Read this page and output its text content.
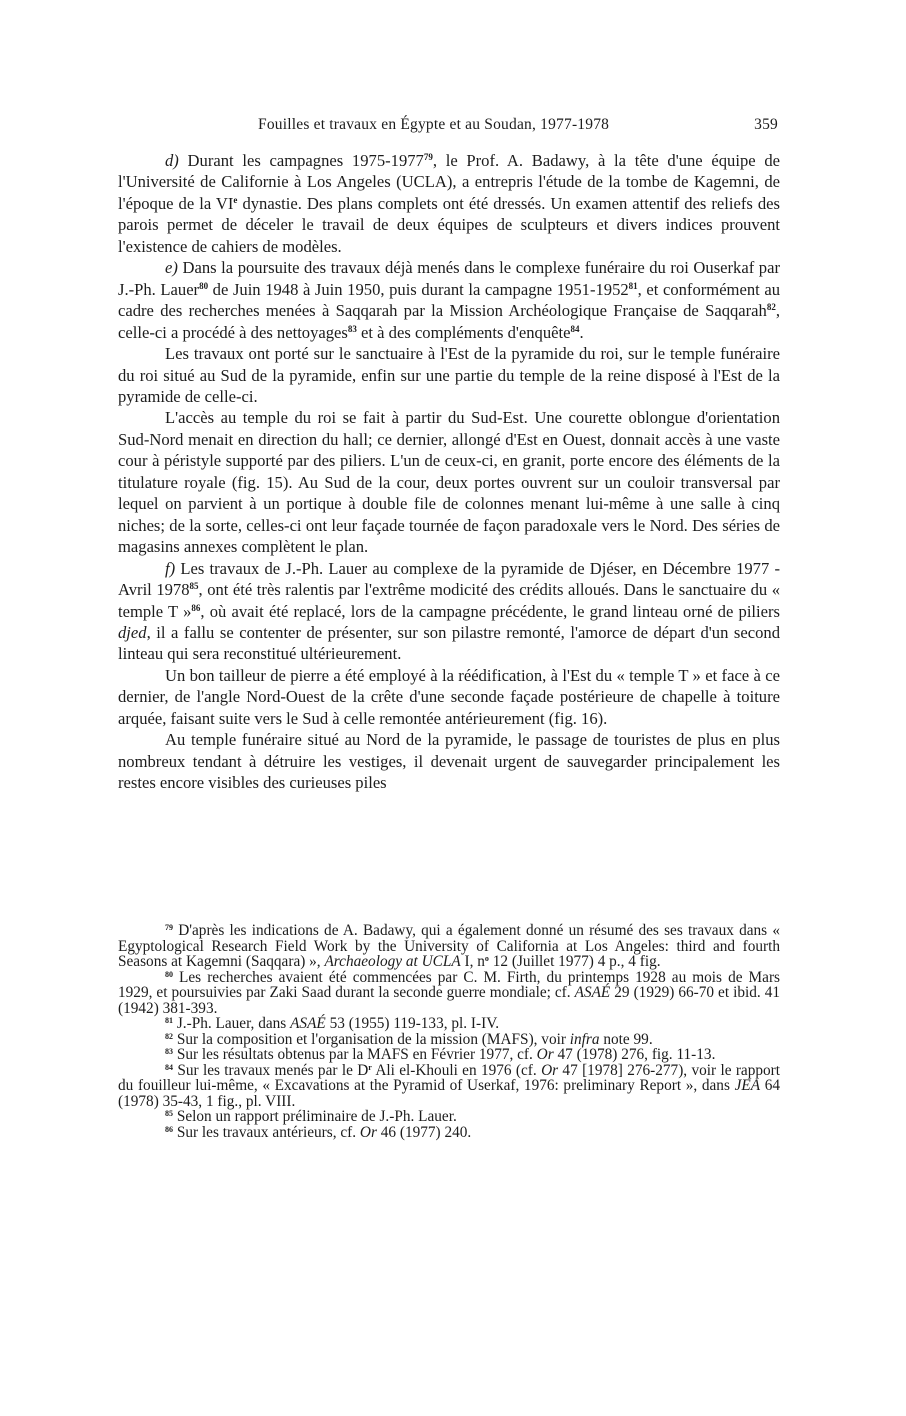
Fouilles et travaux en Égypte et au Soudan, 1977-1978	359

d) Durant les campagnes 1975-1977$^{79}$, le Prof. A. Badawy, à la tête d'une équipe de l'Université de Californie à Los Angeles (UCLA), a entrepris l'étude de la tombe de Kagemni, de l'époque de la VIe dynastie. Des plans complets ont été dressés. Un examen attentif des reliefs des parois permet de déceler le travail de deux équipes de sculpteurs et divers indices prouvent l'existence de cahiers de modèles.

e) Dans la poursuite des travaux déjà menés dans le complexe funéraire du roi Ouserkaf par J.-Ph. Lauer$^{80}$ de Juin 1948 à Juin 1950, puis durant la campagne 1951-1952$^{81}$, et conformément au cadre des recherches menées à Saqqarah par la Mission Archéologique Française de Saqqarah$^{82}$, celle-ci a procédé à des nettoyages$^{83}$ et à des compléments d'enquête$^{84}$.

Les travaux ont porté sur le sanctuaire à l'Est de la pyramide du roi, sur le temple funéraire du roi situé au Sud de la pyramide, enfin sur une partie du temple de la reine disposé à l'Est de la pyramide de celle-ci.

L'accès au temple du roi se fait à partir du Sud-Est. Une courette oblongue d'orientation Sud-Nord menait en direction du hall; ce dernier, allongé d'Est en Ouest, donnait accès à une vaste cour à péristyle supporté par des piliers. L'un de ceux-ci, en granit, porte encore des éléments de la titulature royale (fig. 15). Au Sud de la cour, deux portes ouvrent sur un couloir transversal par lequel on parvient à un portique à double file de colonnes menant lui-même à une salle à cinq niches; de la sorte, celles-ci ont leur façade tournée de façon paradoxale vers le Nord. Des séries de magasins annexes complètent le plan.

f) Les travaux de J.-Ph. Lauer au complexe de la pyramide de Djéser, en Décembre 1977 - Avril 1978$^{85}$, ont été très ralentis par l'extrême modicité des crédits alloués. Dans le sanctuaire du « temple T »$^{86}$, où avait été replacé, lors de la campagne précédente, le grand linteau orné de piliers djed, il a fallu se contenter de présenter, sur son pilastre remonté, l'amorce de départ d'un second linteau qui sera reconstitué ultérieurement.

Un bon tailleur de pierre a été employé à la réédification, à l'Est du « temple T » et face à ce dernier, de l'angle Nord-Ouest de la crête d'une seconde façade postérieure de chapelle à toiture arquée, faisant suite vers le Sud à celle remontée antérieurement (fig. 16).

Au temple funéraire situé au Nord de la pyramide, le passage de touristes de plus en plus nombreux tendant à détruire les vestiges, il devenait urgent de sauvegarder principalement les restes encore visibles des curieuses piles

$^{79}$ D'après les indications de A. Badawy, qui a également donné un résumé des ses travaux dans « Egyptological Research Field Work by the University of California at Los Angeles: third and fourth Seasons at Kagemni (Saqqara) », Archaeology at UCLA I, $n^o$ 12 (Juillet 1977) 4 p., 4 fig.

$^{80}$ Les recherches avaient été commencées par C. M. Firth, du printemps 1928 au mois de Mars 1929, et poursuivies par Zaki Saad durant la seconde guerre mondiale; cf. ASAÉ 29 (1929) 66-70 et ibid. 41 (1942) 381-393.

$^{81}$ J.-Ph. Lauer, dans ASAÉ 53 (1955) 119-133, pl. I-IV.

$^{82}$ Sur la composition et l'organisation de la mission (MAFS), voir infra note 99.

$^{83}$ Sur les résultats obtenus par la MAFS en Février 1977, cf. Or 47 (1978) 276, fig. 11-13.

$^{84}$ Sur les travaux menés par le $D^r$ Ali el-Khouli en 1976 (cf. Or 47 [1978] 276-277), voir le rapport du fouilleur lui-même, « Excavations at the Pyramid of Userkaf, 1976: preliminary Report », dans JEA 64 (1978) 35-43, 1 fig., pl. VIII.

$^{85}$ Selon un rapport préliminaire de J.-Ph. Lauer.

$^{86}$ Sur les travaux antérieurs, cf. Or 46 (1977) 240.
